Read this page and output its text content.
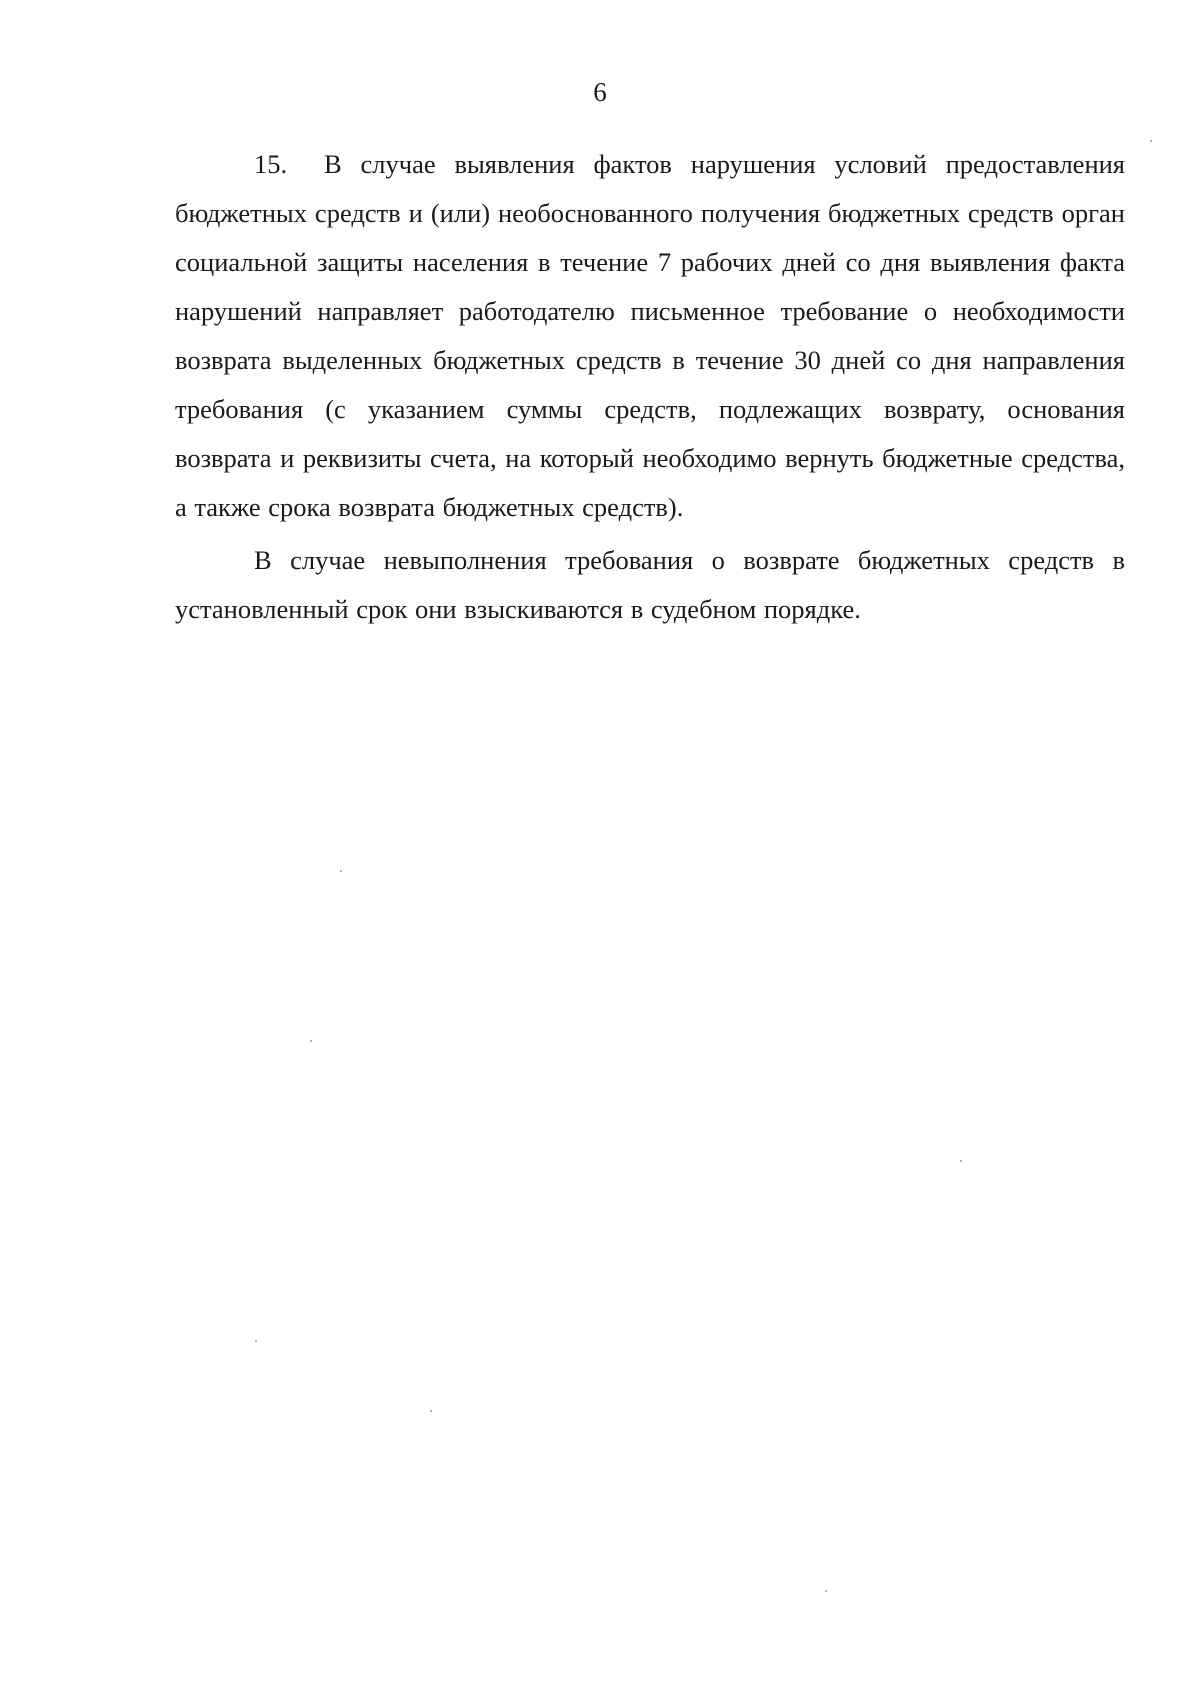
6

15. В случае выявления фактов нарушения условий предоставления бюджетных средств и (или) необоснованного получения бюджетных средств орган социальной защиты населения в течение 7 рабочих дней со дня выявления факта нарушений направляет работодателю письменное требование о необходимости возврата выделенных бюджетных средств в течение 30 дней со дня направления требования (с указанием суммы средств, подлежащих возврату, основания возврата и реквизиты счета, на который необходимо вернуть бюджетные средства, а также срока возврата бюджетных средств).

В случае невыполнения требования о возврате бюджетных средств в установленный срок они взыскиваются в судебном порядке.
